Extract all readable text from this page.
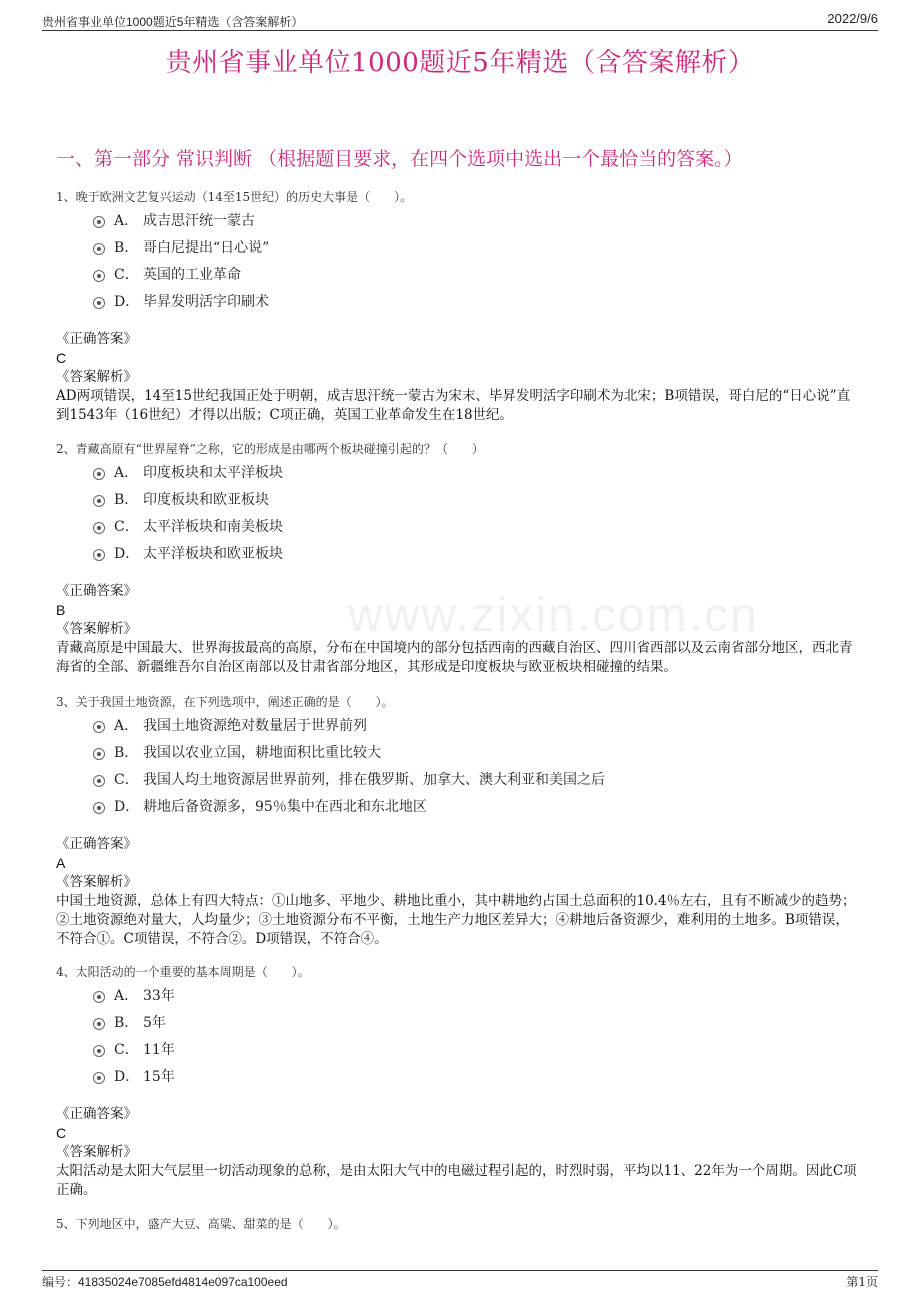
贵州省事业单位1000题近5年精选（含答案解析）	2022/9/6
贵州省事业单位1000题近5年精选（含答案解析）
一、第一部分 常识判断 （根据题目要求，在四个选项中选出一个最恰当的答案。）
www.zixin.com.cn
1、晚于欧洲文艺复兴运动（14至15世纪）的历史大事是（　　）。
A． 成吉思汗统一蒙古
B． 哥白尼提出“日心说”
C． 英国的工业革命
D． 毕昇发明活字印刷术
《正确答案》
C
《答案解析》
AD两项错误，14至15世纪我国正处于明朝，成吉思汗统一蒙古为宋末、毕昇发明活字印刷术为北宋；B项错误，哥白尼的“日心说”直到1543年（16世纪）才得以出版；C项正确，英国工业革命发生在18世纪。
2、青藏高原有“世界屋脊”之称，它的形成是由哪两个板块碰撞引起的？（　　）
A． 印度板块和太平洋板块
B． 印度板块和欧亚板块
C． 太平洋板块和南美板块
D． 太平洋板块和欧亚板块
《正确答案》
B
《答案解析》
青藏高原是中国最大、世界海拔最高的高原，分布在中国境内的部分包括西南的西藏自治区、四川省西部以及云南省部分地区，西北青海省的全部、新疆维吾尔自治区南部以及甘肃省部分地区，其形成是印度板块与欧亚板块相碰撞的结果。
3、关于我国土地资源，在下列选项中，阐述正确的是（　　）。
A． 我国土地资源绝对数量居于世界前列
B． 我国以农业立国，耕地面积比重比较大
C． 我国人均土地资源居世界前列，排在俄罗斯、加拿大、澳大利亚和美国之后
D． 耕地后备资源多，95％集中在西北和东北地区
《正确答案》
A
《答案解析》
中国土地资源，总体上有四大特点：①山地多、平地少、耕地比重小，其中耕地约占国土总面积的10.4％左右，且有不断减少的趋势；②土地资源绝对量大，人均量少；③土地资源分布不平衡，土地生产力地区差异大；④耕地后备资源少，难利用的土地多。B项错误，不符合①。C项错误，不符合②。D项错误，不符合④。
4、太阳活动的一个重要的基本周期是（　　）。
A． 33年
B． 5年
C． 11年
D． 15年
《正确答案》
C
《答案解析》
太阳活动是太阳大气层里一切活动现象的总称，是由太阳大气中的电磁过程引起的，时烈时弱，平均以11、22年为一个周期。因此C项正确。
5、下列地区中，盛产大豆、高粱、甜菜的是（　　）。
编号：41835024e7085efd4814e097ca100eed	第1页
